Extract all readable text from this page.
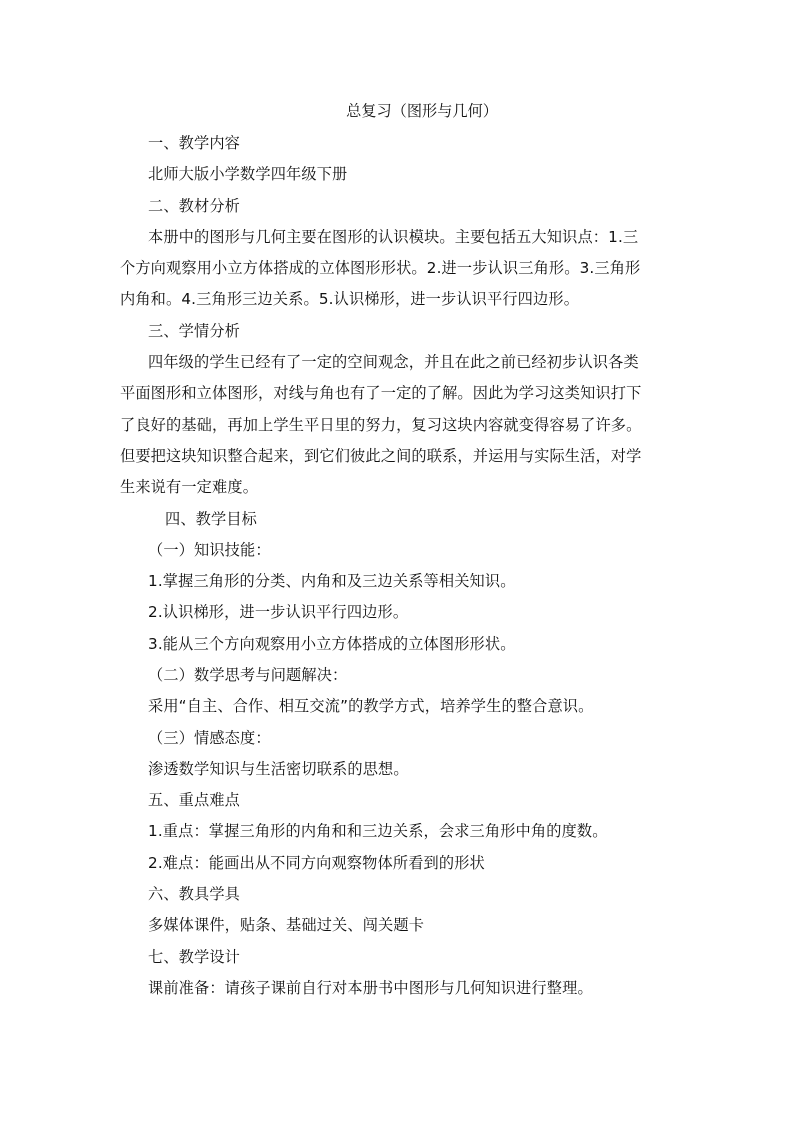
总复习（图形与几何）
一、教学内容
北师大版小学数学四年级下册
二、教材分析
本册中的图形与几何主要在图形的认识模块。主要包括五大知识点：1.三
个方向观察用小立方体搭成的立体图形形状。2.进一步认识三角形。3.三角形
内角和。4.三角形三边关系。5.认识梯形，进一步认识平行四边形。
三、学情分析
四年级的学生已经有了一定的空间观念，并且在此之前已经初步认识各类
平面图形和立体图形，对线与角也有了一定的了解。因此为学习这类知识打下
了良好的基础，再加上学生平日里的努力，复习这块内容就变得容易了许多。
但要把这块知识整合起来，到它们彼此之间的联系，并运用与实际生活，对学
生来说有一定难度。
四、教学目标
（一）知识技能：
1.掌握三角形的分类、内角和及三边关系等相关知识。
2.认识梯形，进一步认识平行四边形。
3.能从三个方向观察用小立方体搭成的立体图形形状。
（二）数学思考与问题解决：
采用“自主、合作、相互交流”的教学方式，培养学生的整合意识。
（三）情感态度：
渗透数学知识与生活密切联系的思想。
五、重点难点
1.重点：掌握三角形的内角和和三边关系，会求三角形中角的度数。
2.难点：能画出从不同方向观察物体所看到的形状
六、教具学具
多媒体课件，贴条、基础过关、闯关题卡
七、教学设计
课前准备：请孩子课前自行对本册书中图形与几何知识进行整理。
